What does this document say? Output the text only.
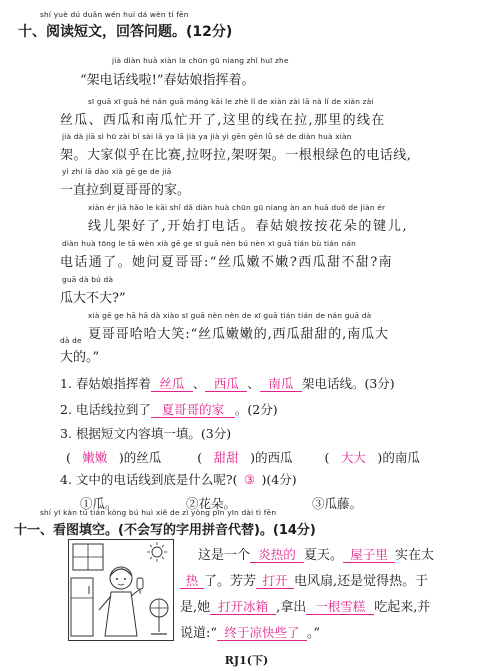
shí yuè dú duǎn wén huí dá wèn tí fēn
十、阅读短文，回答问题。(12分)
jià diàn huà xiàn la chūn gū niang zhǐ huī zhe
“架电话线啦!”春姑娘指挥着。
sī guā xī guā hé nán guā máng kāi le zhè lǐ de xiàn zài lā nà lǐ de xiàn zài
丝瓜、西瓜和南瓜忙开了,这里的线在拉,那里的线在
jià dà jiā sì hū zài bǐ sài lā ya lā jià ya jià yì gēn gēn lǜ sè de diàn huà xiàn
架。大家似乎在比赛,拉呀拉,架呀架。一根根绿色的电话线,
yì zhí lā dào xià gē ge de jiā
一直拉到夏哥哥的家。
xiàn ér jiā hǎo le kāi shǐ dǎ diàn huà chūn gū niang àn an huā duǒ de jiàn ér
线儿架好了,开始打电话。春姑娘按按花朵的键儿,
diàn huà tōng le tā wèn xià gē ge sī guā nèn bú nèn xī guā tián bù tián nán
电话通了。她问夏哥哥:“丝瓜嫩不嫩?西瓜甜不甜?南
guā dà bú dà
瓜大不大?”
xià gē ge hā hā dà xiào sī guā nèn nèn de xī guā tián tián de nán guā dà
夏哥哥哈哈大笑:“丝瓜嫩嫩的,西瓜甜甜的,南瓜大
dà de
大的。”
1. 春姑娘指挥着 丝瓜 、 西瓜 、 南瓜 架电话线。(3分)
2. 电话线拉到了 夏哥哥的家 。(2分)
3. 根据短文内容填一填。(3分)
( 嫩嫩 )的丝瓜	( 甜甜 )的西瓜	( 大大 )的南瓜
4. 文中的电话线到底是什么呢?( ③ )(4分)
①瓜。	②花朵。	③瓜藤。
shí yī kàn tú tián kòng bú huì xiě de zì yòng pīn yīn dài tì fēn
十一、看图填空。(不会写的字用拼音代替)。(14分)
这是一个 炎热的 夏天。 屋子里 实在太
热 了。芳芳 打开 电风扇,还是觉得热。于
是,她 打开冰箱 ,拿出 一根雪糕 吃起来,并
说道:“ 终于凉快些了 。”
RJ1(下)
